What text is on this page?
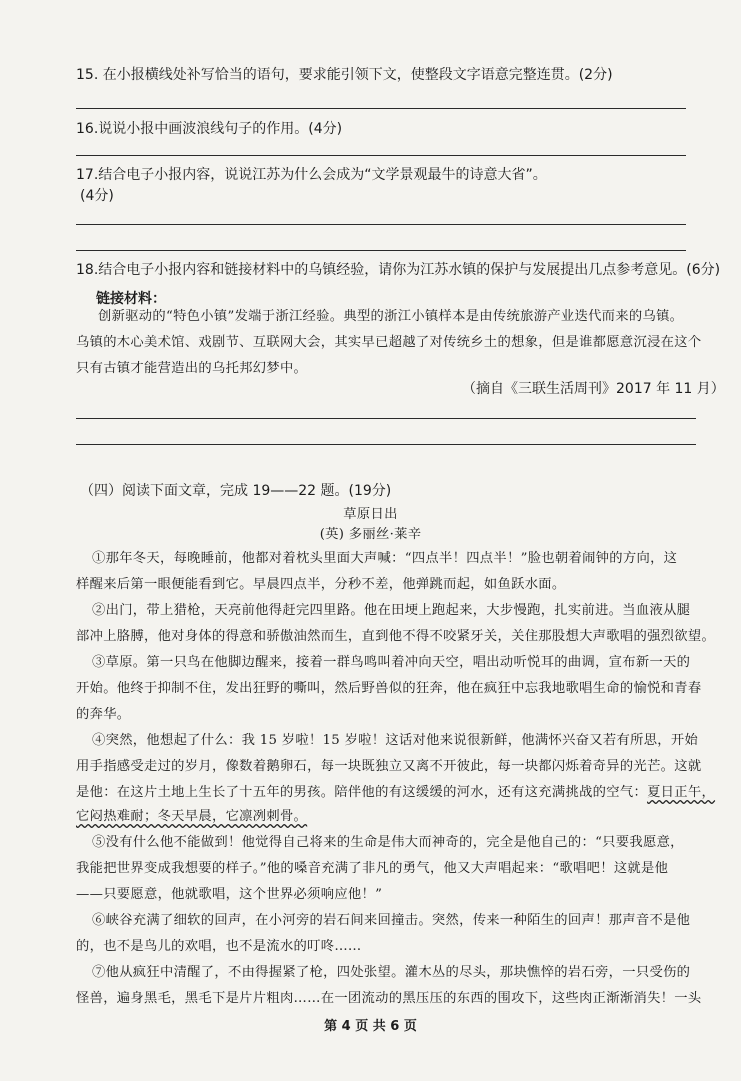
15. 在小报横线处补写恰当的语句，要求能引领下文，使整段文字语意完整连贯。(2分)
16.说说小报中画波浪线句子的作用。(4分)
17.结合电子小报内容，说说江苏为什么会成为“文学景观最牛的诗意大省”。
(4分)
18.结合电子小报内容和链接材料中的乌镇经验，请你为江苏水镇的保护与发展提出几点参考意见。(6分)
链接材料：
创新驱动的“特色小镇”发端于浙江经验。典型的浙江小镇样本是由传统旅游产业迭代而来的乌镇。
乌镇的木心美术馆、戏剧节、互联网大会，其实早已超越了对传统乡土的想象，但是谁都愿意沉浸在这个
只有古镇才能营造出的乌托邦幻梦中。
（摘自《三联生活周刊》2017 年 11 月）
（四）阅读下面文章，完成 19——22 题。(19分)
草原日出
(英) 多丽丝·莱辛
①那年冬天，每晚睡前，他都对着枕头里面大声喊：“四点半！四点半！”脸也朝着闹钟的方向，这
样醒来后第一眼便能看到它。早晨四点半，分秒不差，他弹跳而起，如鱼跃水面。
②出门，带上猎枪，天亮前他得赶完四里路。他在田埂上跑起来，大步慢跑，扎实前进。当血液从腿
部冲上胳膊，他对身体的得意和骄傲油然而生，直到他不得不咬紧牙关，关住那股想大声歌唱的强烈欲望。
③草原。第一只鸟在他脚边醒来，接着一群鸟鸣叫着冲向天空，唱出动听悦耳的曲调，宣布新一天的
开始。他终于抑制不住，发出狂野的嘶叫，然后野兽似的狂奔，他在疯狂中忘我地歌唱生命的愉悦和青春
的奔华。
④突然，他想起了什么：我 15 岁啦！15 岁啦！这话对他来说很新鲜，他满怀兴奋又若有所思，开始
用手指感受走过的岁月，像数着鹅卵石，每一块既独立又离不开彼此，每一块都闪烁着奇异的光芒。这就
是他：在这片土地上生长了十五年的男孩。陪伴他的有这缓缓的河水，还有这充满挑战的空气：夏日正午，
它闷热难耐；冬天早晨，它凛冽刺骨。
⑤没有什么他不能做到！他觉得自己将来的生命是伟大而神奇的，完全是他自己的：“只要我愿意，
我能把世界变成我想要的样子。”他的嗓音充满了非凡的勇气，他又大声唱起来：“歌唱吧！这就是他
——只要愿意，他就歌唱，这个世界必须响应他！”
⑥峡谷充满了细软的回声，在小河旁的岩石间来回撞击。突然，传来一种陌生的回声！那声音不是他
的，也不是鸟儿的欢唱，也不是流水的叮咚……
⑦他从疯狂中清醒了，不由得握紧了枪，四处张望。灌木丛的尽头，那块憔悴的岩石旁，一只受伤的
怪兽，遍身黑毛，黑毛下是片片粗肉……在一团流动的黑压压的东西的围攻下，这些肉正渐渐消失！一头
第 4 页 共 6 页
